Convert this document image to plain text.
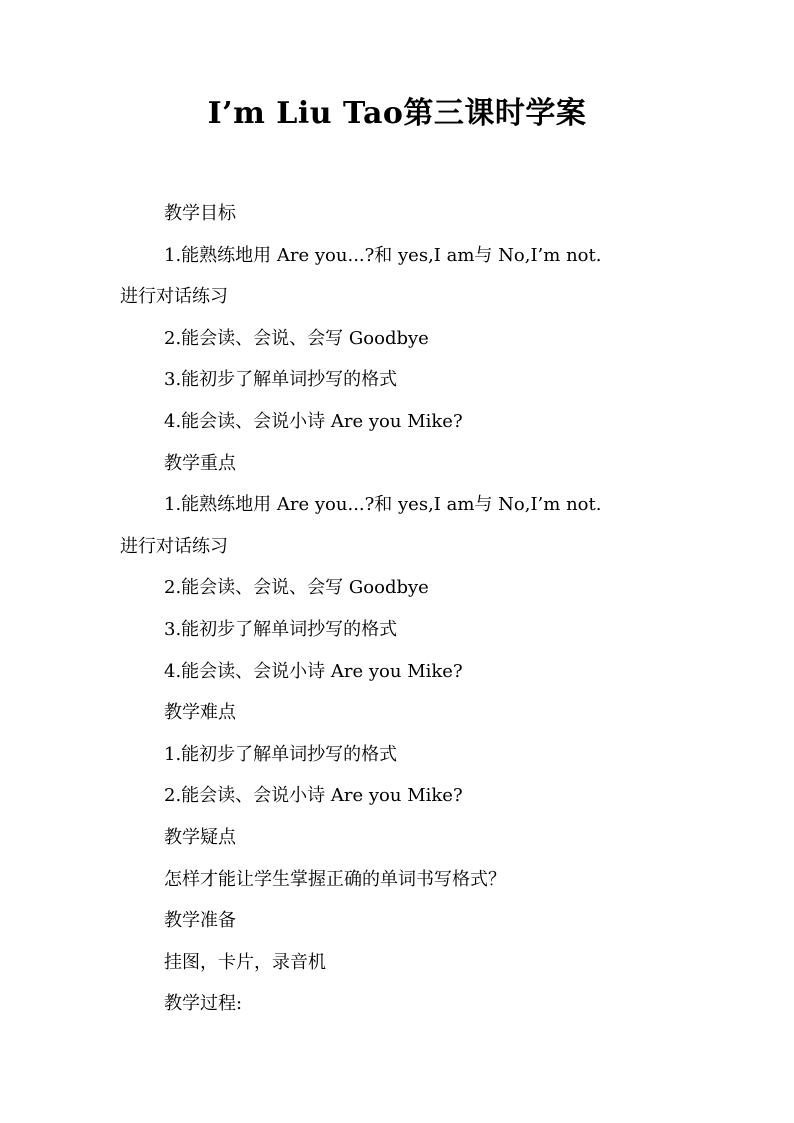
I’m Liu Tao第三课时学案
教学目标
1.能熟练地用 Are you...?和 yes,I am与 No,I’m not.
进行对话练习
2.能会读、会说、会写 Goodbye
3.能初步了解单词抄写的格式
4.能会读、会说小诗 Are you Mike?
教学重点
1.能熟练地用 Are you...?和 yes,I am与 No,I’m not.
进行对话练习
2.能会读、会说、会写 Goodbye
3.能初步了解单词抄写的格式
4.能会读、会说小诗 Are you Mike?
教学难点
1.能初步了解单词抄写的格式
2.能会读、会说小诗 Are you Mike?
教学疑点
怎样才能让学生掌握正确的单词书写格式？
教学准备
挂图，卡片，录音机
教学过程:
